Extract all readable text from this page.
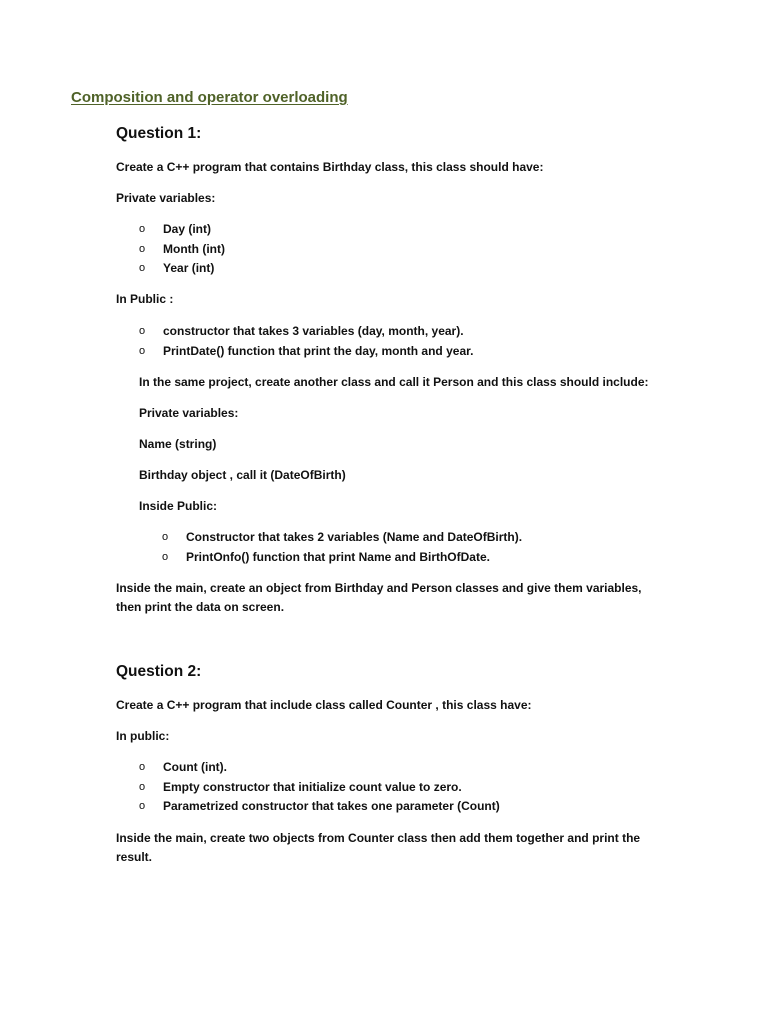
Composition and operator overloading
Question 1:
Create a C++ program that contains Birthday class, this class should have:
Private variables:
o Day (int)
o Month (int)
o Year (int)
In Public :
o constructor that takes 3 variables (day, month, year).
o PrintDate() function that print the day, month and year.
In the same project, create another class and call it Person and this class should include:
Private variables:
Name (string)
Birthday object , call it (DateOfBirth)
Inside Public:
o Constructor that takes 2 variables (Name and DateOfBirth).
o PrintOnfo() function that print Name and BirthOfDate.
Inside the main, create an object from Birthday and Person classes and give them variables, then print the data on screen.
Question 2:
Create a C++ program that include class called Counter , this class have:
In public:
o Count (int).
o Empty constructor that initialize count value to zero.
o Parametrized constructor that takes one parameter (Count)
Inside the main, create two objects from Counter class then add them together and print the result.
